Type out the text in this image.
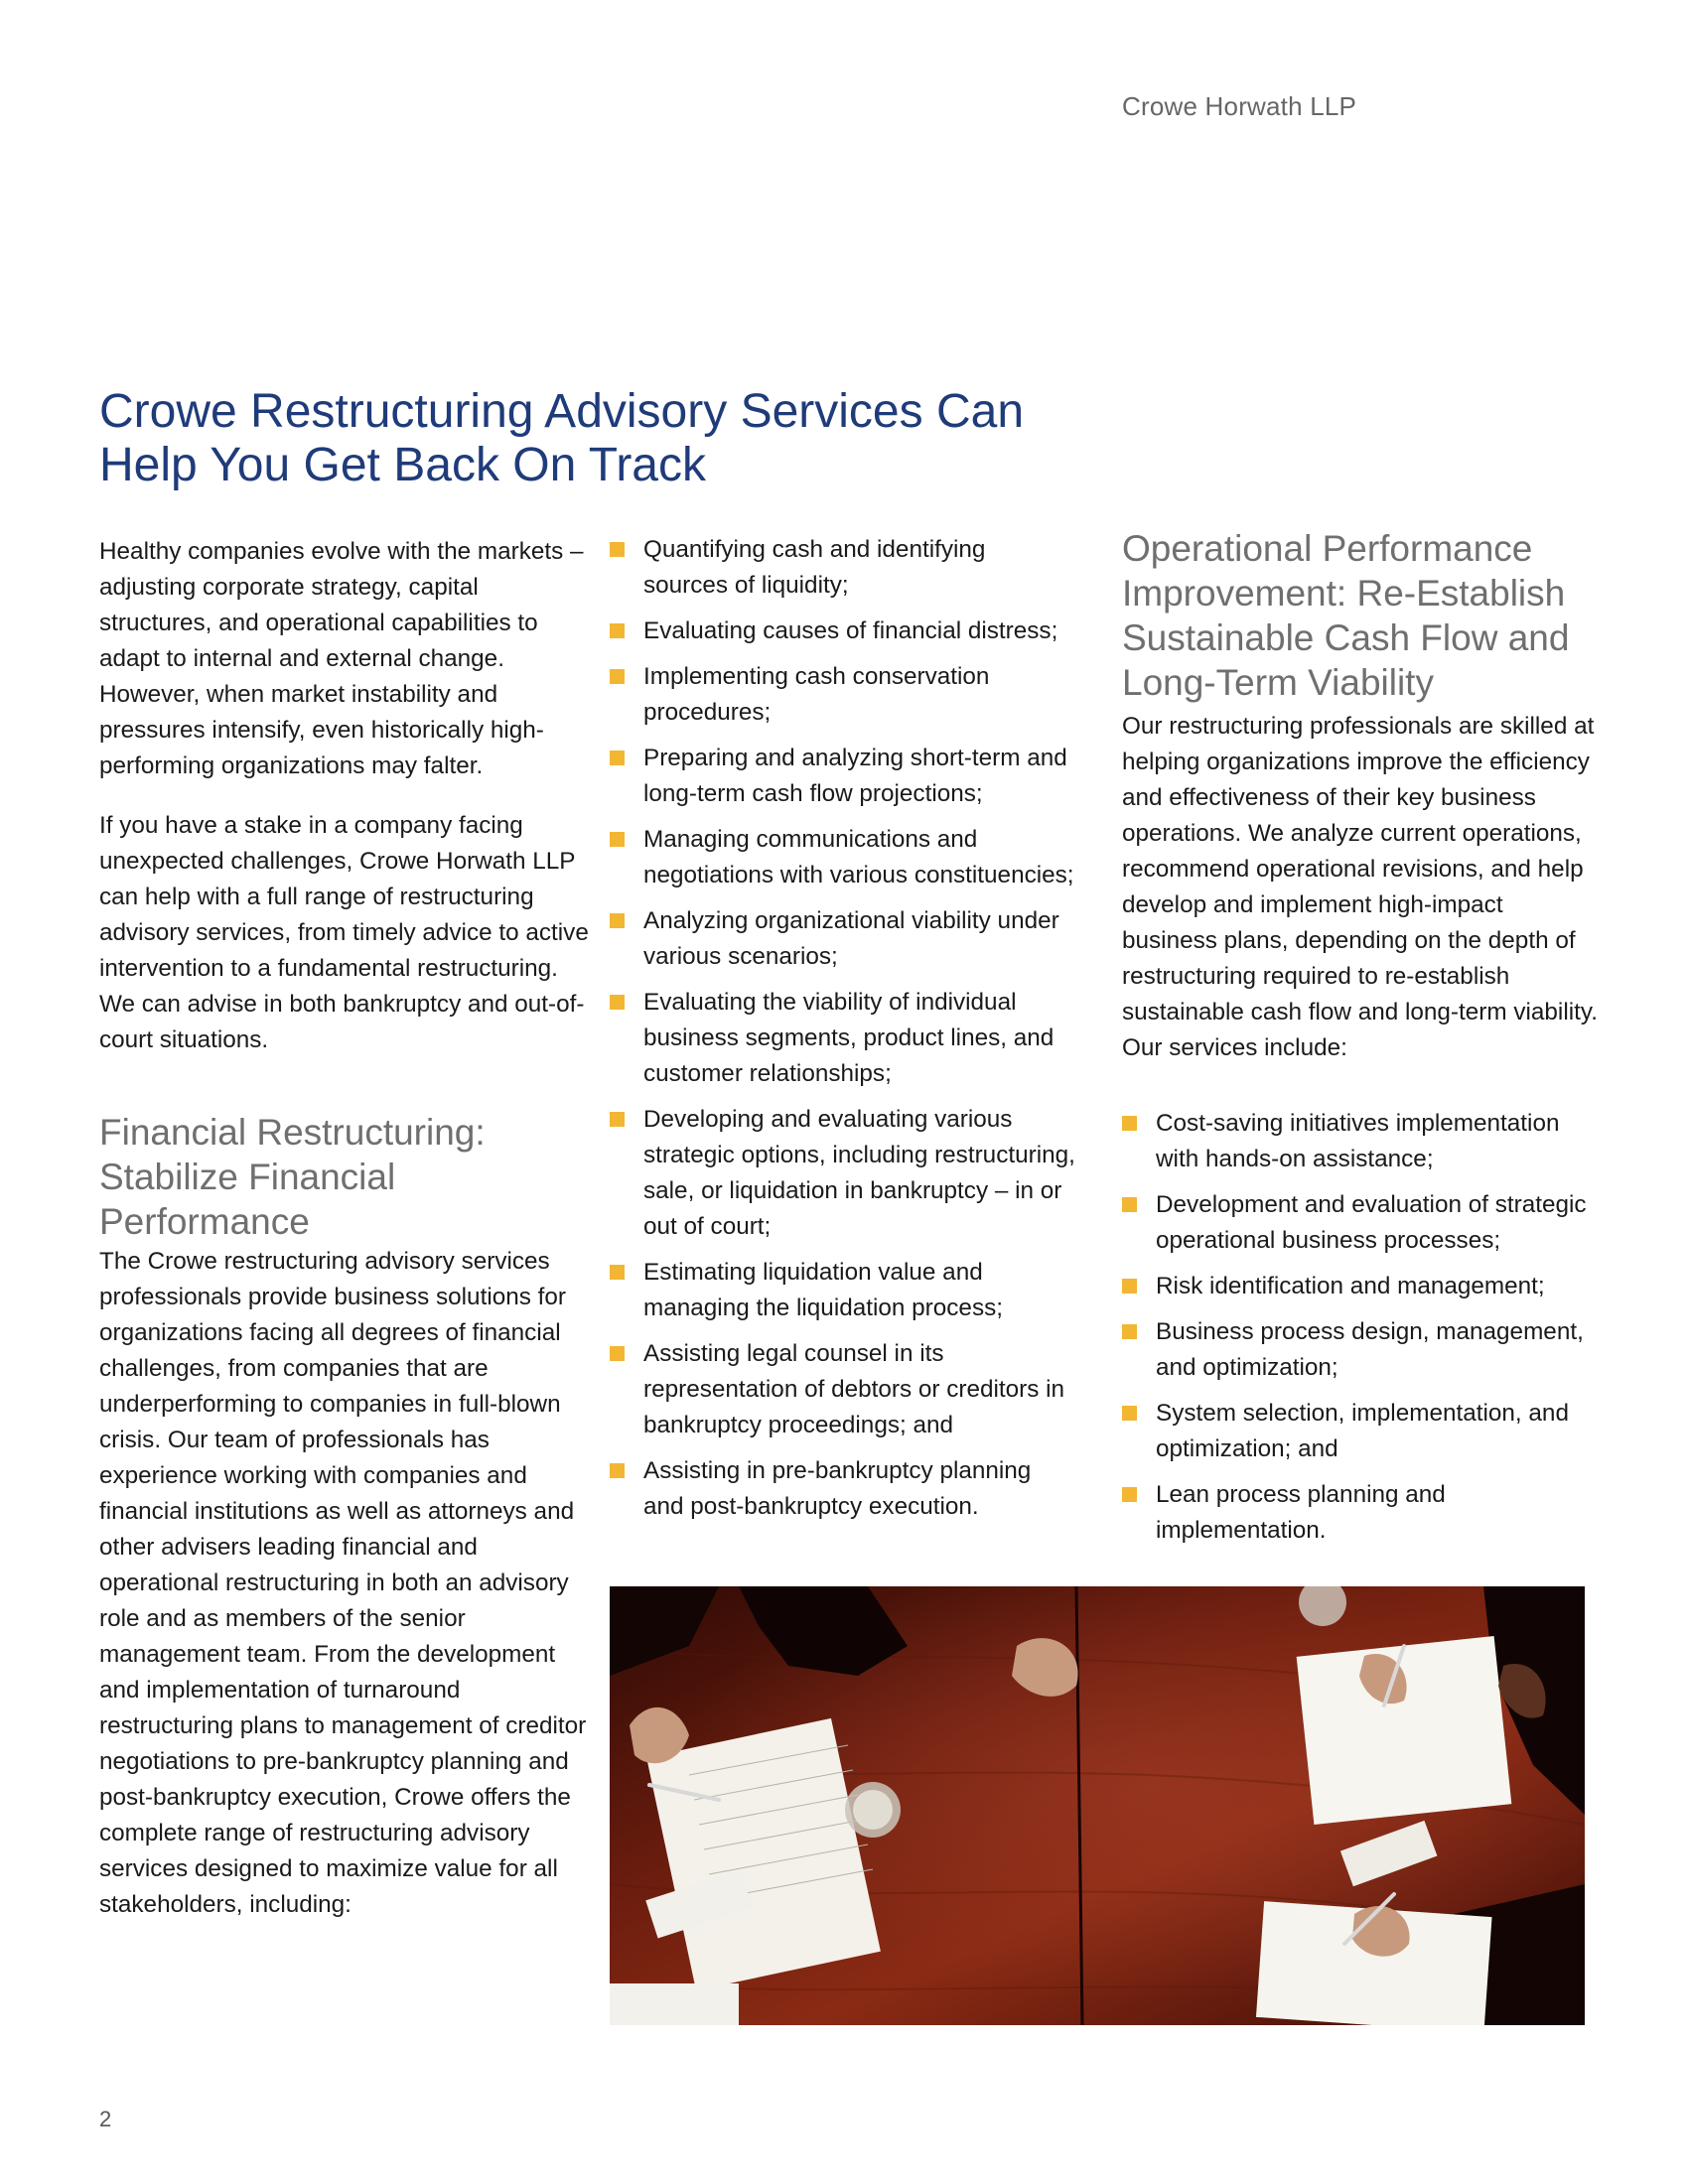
Crowe Horwath LLP
Crowe Restructuring Advisory Services Can Help You Get Back On Track

Healthy companies evolve with the markets – adjusting corporate strategy, capital structures, and operational capabilities to adapt to internal and external change. However, when market instability and pressures intensify, even historically high-performing organizations may falter.

If you have a stake in a company facing unexpected challenges, Crowe Horwath LLP can help with a full range of restructuring advisory services, from timely advice to active intervention to a fundamental restructuring. We can advise in both bankruptcy and out-of-court situations.

Financial Restructuring: Stabilize Financial Performance

The Crowe restructuring advisory services professionals provide business solutions for organizations facing all degrees of financial challenges, from companies that are underperforming to companies in full-blown crisis. Our team of professionals has experience working with companies and financial institutions as well as attorneys and other advisers leading financial and operational restructuring in both an advisory role and as members of the senior management team. From the development and implementation of turnaround restructuring plans to management of creditor negotiations to pre-bankruptcy planning and post-bankruptcy execution, Crowe offers the complete range of restructuring advisory services designed to maximize value for all stakeholders, including:

Quantifying cash and identifying sources of liquidity;
Evaluating causes of financial distress;
Implementing cash conservation procedures;
Preparing and analyzing short-term and long-term cash flow projections;
Managing communications and negotiations with various constituencies;
Analyzing organizational viability under various scenarios;
Evaluating the viability of individual business segments, product lines, and customer relationships;
Developing and evaluating various strategic options, including restructuring, sale, or liquidation in bankruptcy – in or out of court;
Estimating liquidation value and managing the liquidation process;
Assisting legal counsel in its representation of debtors or creditors in bankruptcy proceedings; and
Assisting in pre-bankruptcy planning and post-bankruptcy execution.
Operational Performance Improvement: Re-Establish Sustainable Cash Flow and Long-Term Viability

Our restructuring professionals are skilled at helping organizations improve the efficiency and effectiveness of their key business operations. We analyze current operations, recommend operational revisions, and help develop and implement high-impact business plans, depending on the depth of restructuring required to re-establish sustainable cash flow and long-term viability. Our services include:

Cost-saving initiatives implementation with hands-on assistance;
Development and evaluation of strategic operational business processes;
Risk identification and management;
Business process design, management, and optimization;
System selection, implementation, and optimization; and
Lean process planning and implementation.
2
